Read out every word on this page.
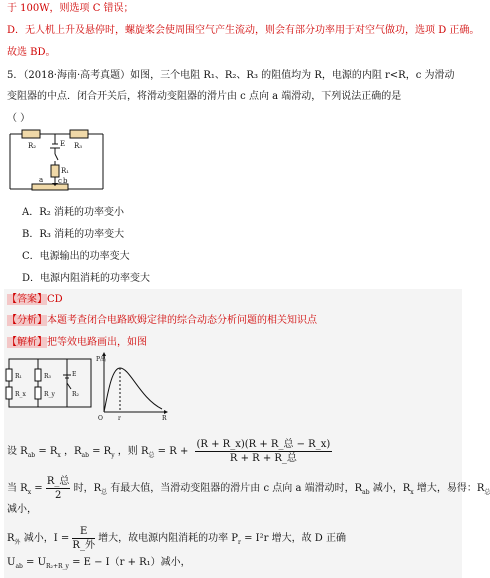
于 100W，则选项 C 错误；
D．无人机上升及悬停时，螺旋桨会使周围空气产生流动，则会有部分功率用于对空气做功，选项 D 正确。
故选 BD。
5．（2018·海南·高考真题）如图，三个电阻 R₁、R₂、R₃ 的阻值均为 R，电源的内阻 r<R，c 为滑动
变阻器的中点．闭合开关后，将滑动变阻器的滑片由 c 点向 a 端滑动，下列说法正确的是
（ ）
R₂	R₃
E
R₁
a c b
A．R₂ 消耗的功率变小
B．R₃ 消耗的功率变大
C．电源输出的功率变大
D．电源内阻消耗的功率变大
【答案】CD
【分析】本题考查闭合电路欧姆定律的综合动态分析问题的相关知识点
【解析】把等效电路画出，如图
R₁
R_x
R₃
R_y
E
R₂
P出
R
O	r
设 $R_{ab} = R_x$ ，$R_{ab} = R_y$ ，则 $R_总 = R$ +
(R + R_x)(R + R_总 − R_x)
R + R + R_总
当 $R_x$ =
R_总
2
时，$R_总$ 有最大值，当滑动变阻器的滑片由 c 点向 a 端滑动时，$R_{ab}$ 减小，$R_x$ 增大，易得：$R_总$
减小，
$R_外$ 减小，I =
E
R_外
增大，故电源内阻消耗的功率 $P_r = I^2r$ 增大，故 D 正确
$U_{ab} = U_{R_2+R\_y} = E - I(r + R_1)$减小，
